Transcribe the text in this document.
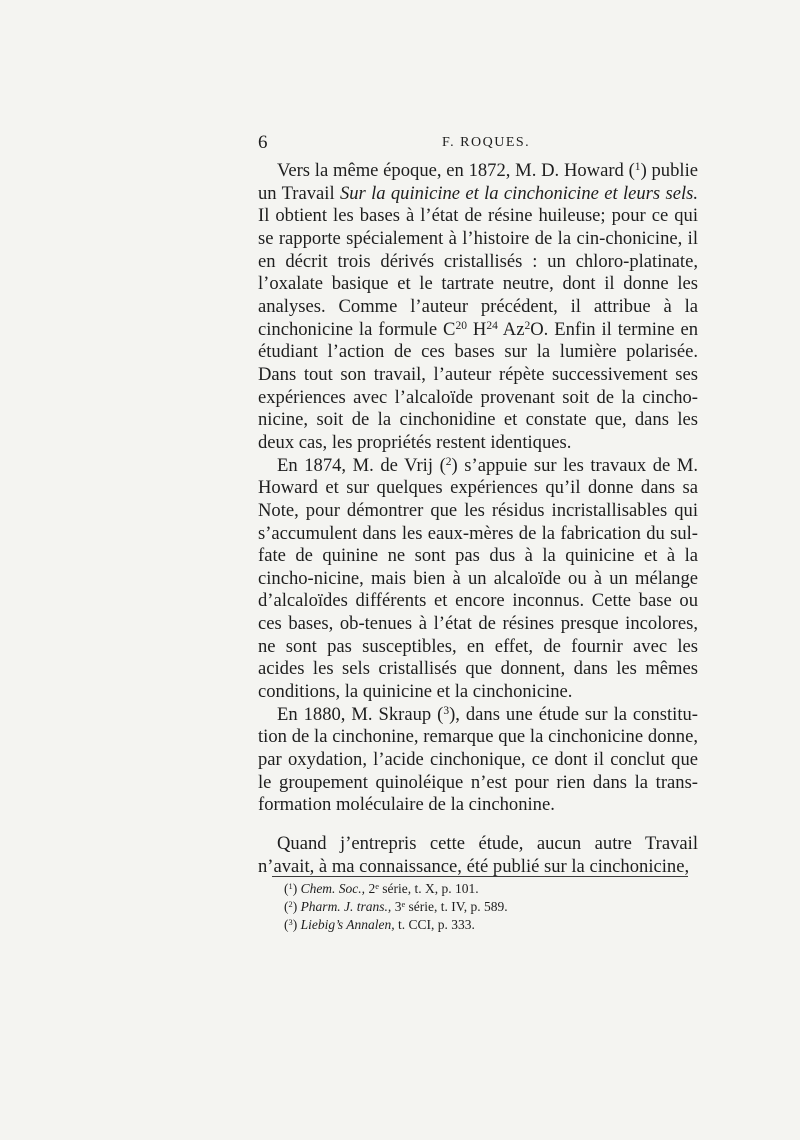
6	F. ROQUES.

Vers la même époque, en 1872, M. D. Howard ($^1$) publie un Travail Sur la quinicine et la cinchonicine et leurs sels. Il obtient les bases à l’état de résine huileuse; pour ce qui se rapporte spécialement à l’histoire de la cin-chonicine, il en décrit trois dérivés cristallisés : un chloro-platinate, l’oxalate basique et le tartrate neutre, dont il donne les analyses. Comme l’auteur précédent, il attribue à la cinchonicine la formule $C^{20}$ $H^{24}$ Az$^2$O. Enfin il termine en étudiant l’action de ces bases sur la lumière polarisée. Dans tout son travail, l’auteur répète successivement ses expériences avec l’alcaloïde provenant soit de la cincho-nicine, soit de la cinchonidine et constate que, dans les deux cas, les propriétés restent identiques.

En 1874, M. de Vrij ($^2$) s’appuie sur les travaux de M. Howard et sur quelques expériences qu’il donne dans sa Note, pour démontrer que les résidus incristallisables qui s’accumulent dans les eaux-mères de la fabrication du sul-fate de quinine ne sont pas dus à la quinicine et à la cincho-nicine, mais bien à un alcaloïde ou à un mélange d’alcaloïdes différents et encore inconnus. Cette base ou ces bases, ob-tenues à l’état de résines presque incolores, ne sont pas susceptibles, en effet, de fournir avec les acides les sels cristallisés que donnent, dans les mêmes conditions, la quinicine et la cinchonicine.

En 1880, M. Skraup ($^3$), dans une étude sur la constitu-tion de la cinchonine, remarque que la cinchonicine donne, par oxydation, l’acide cinchonique, ce dont il conclut que le groupement quinoléique n’est pour rien dans la trans-formation moléculaire de la cinchonine.

Quand j’entrepris cette étude, aucun autre Travail n’avait, à ma connaissance, été publié sur la cinchonicine,

($^1$) Chem. Soc., 2e série, t. X, p. 101.
($^2$) Pharm. J. trans., 3e série, t. IV, p. 589.
($^3$) Liebig’s Annalen, t. CCI, p. 333.
